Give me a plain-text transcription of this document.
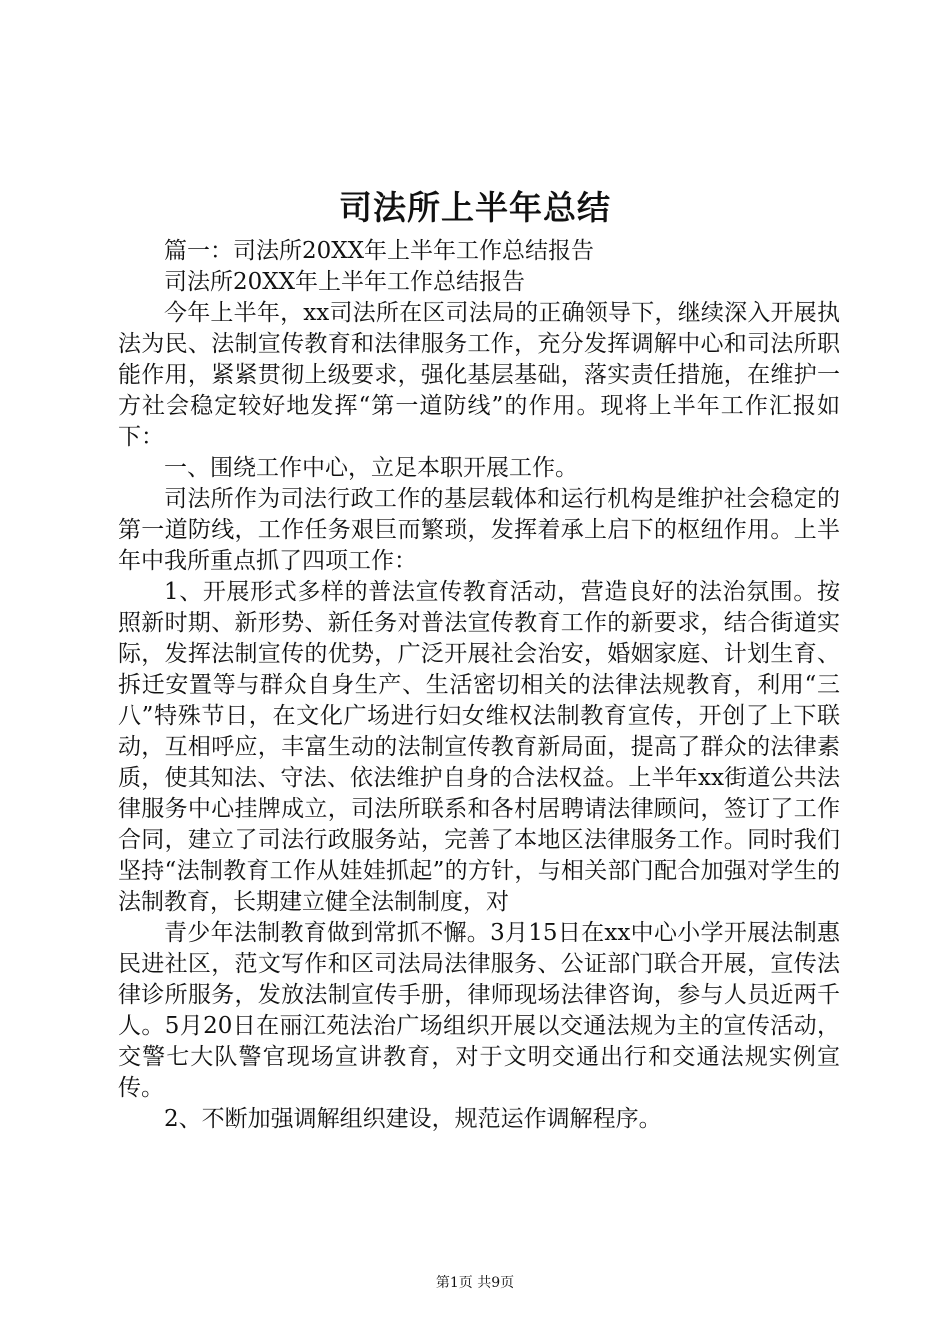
司法所上半年总结

篇一：司法所20XX年上半年工作总结报告

司法所20XX年上半年工作总结报告

今年上半年，xx司法所在区司法局的正确领导下，继续深入开展执法为民、法制宣传教育和法律服务工作，充分发挥调解中心和司法所职能作用，紧紧贯彻上级要求，强化基层基础，落实责任措施，在维护一方社会稳定较好地发挥“第一道防线”的作用。现将上半年工作汇报如下：

一、围绕工作中心，立足本职开展工作。

司法所作为司法行政工作的基层载体和运行机构是维护社会稳定的第一道防线，工作任务艰巨而繁琐，发挥着承上启下的枢纽作用。上半年中我所重点抓了四项工作：

1、开展形式多样的普法宣传教育活动，营造良好的法治氛围。按照新时期、新形势、新任务对普法宣传教育工作的新要求，结合街道实际，发挥法制宣传的优势，广泛开展社会治安，婚姻家庭、计划生育、拆迁安置等与群众自身生产、生活密切相关的法律法规教育，利用“三八”特殊节日，在文化广场进行妇女维权法制教育宣传，开创了上下联动，互相呼应，丰富生动的法制宣传教育新局面，提高了群众的法律素质，使其知法、守法、依法维护自身的合法权益。上半年xx街道公共法律服务中心挂牌成立，司法所联系和各村居聘请法律顾问，签订了工作合同，建立了司法行政服务站，完善了本地区法律服务工作。同时我们坚持“法制教育工作从娃娃抓起”的方针，与相关部门配合加强对学生的法制教育，长期建立健全法制制度，对

青少年法制教育做到常抓不懈。3月15日在xx中心小学开展法制惠民进社区，范文写作和区司法局法律服务、公证部门联合开展，宣传法律诊所服务，发放法制宣传手册，律师现场法律咨询，参与人员近两千人。5月20日在丽江苑法治广场组织开展以交通法规为主的宣传活动，交警七大队警官现场宣讲教育，对于文明交通出行和交通法规实例宣传。

2、不断加强调解组织建设，规范运作调解程序。

第1页 共9页
